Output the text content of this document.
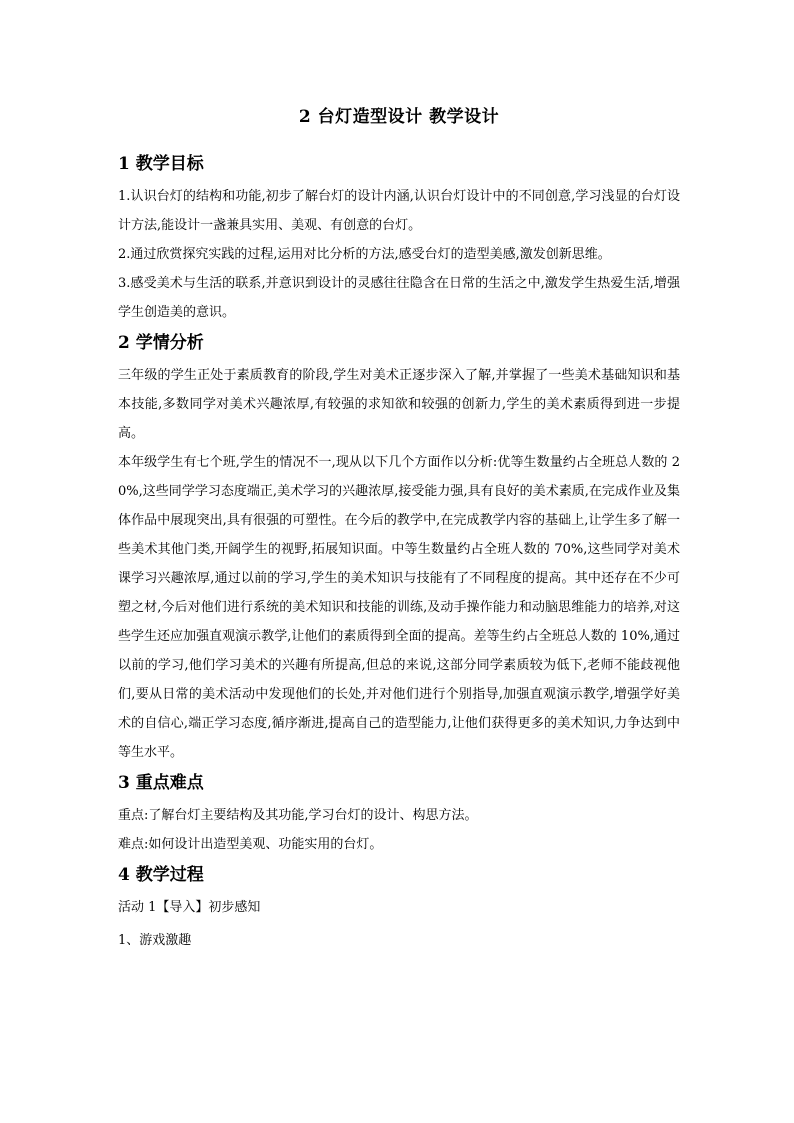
2 台灯造型设计 教学设计
1 教学目标

1.认识台灯的结构和功能,初步了解台灯的设计内涵,认识台灯设计中的不同创意,学习浅显的台灯设计方法,能设计一盏兼具实用、美观、有创意的台灯。

2.通过欣赏探究实践的过程,运用对比分析的方法,感受台灯的造型美感,激发创新思维。

3.感受美术与生活的联系,并意识到设计的灵感往往隐含在日常的生活之中,激发学生热爱生活,增强学生创造美的意识。

2 学情分析

三年级的学生正处于素质教育的阶段,学生对美术正逐步深入了解,并掌握了一些美术基础知识和基本技能,多数同学对美术兴趣浓厚,有较强的求知欲和较强的创新力,学生的美术素质得到进一步提高。

本年级学生有七个班,学生的情况不一,现从以下几个方面作以分析:优等生数量约占全班总人数的 20%,这些同学学习态度端正,美术学习的兴趣浓厚,接受能力强,具有良好的美术素质,在完成作业及集体作品中展现突出,具有很强的可塑性。在今后的教学中,在完成教学内容的基础上,让学生多了解一些美术其他门类,开阔学生的视野,拓展知识面。中等生数量约占全班人数的 70%,这些同学对美术课学习兴趣浓厚,通过以前的学习,学生的美术知识与技能有了不同程度的提高。其中还存在不少可塑之材,今后对他们进行系统的美术知识和技能的训练,及动手操作能力和动脑思维能力的培养,对这些学生还应加强直观演示教学,让他们的素质得到全面的提高。差等生约占全班总人数的 10%,通过以前的学习,他们学习美术的兴趣有所提高,但总的来说,这部分同学素质较为低下,老师不能歧视他们,要从日常的美术活动中发现他们的长处,并对他们进行个别指导,加强直观演示教学,增强学好美术的自信心,端正学习态度,循序渐进,提高自己的造型能力,让他们获得更多的美术知识,力争达到中等生水平。

3 重点难点

重点:了解台灯主要结构及其功能,学习台灯的设计、构思方法。

难点:如何设计出造型美观、功能实用的台灯。

4 教学过程

活动 1【导入】初步感知

1、游戏激趣
